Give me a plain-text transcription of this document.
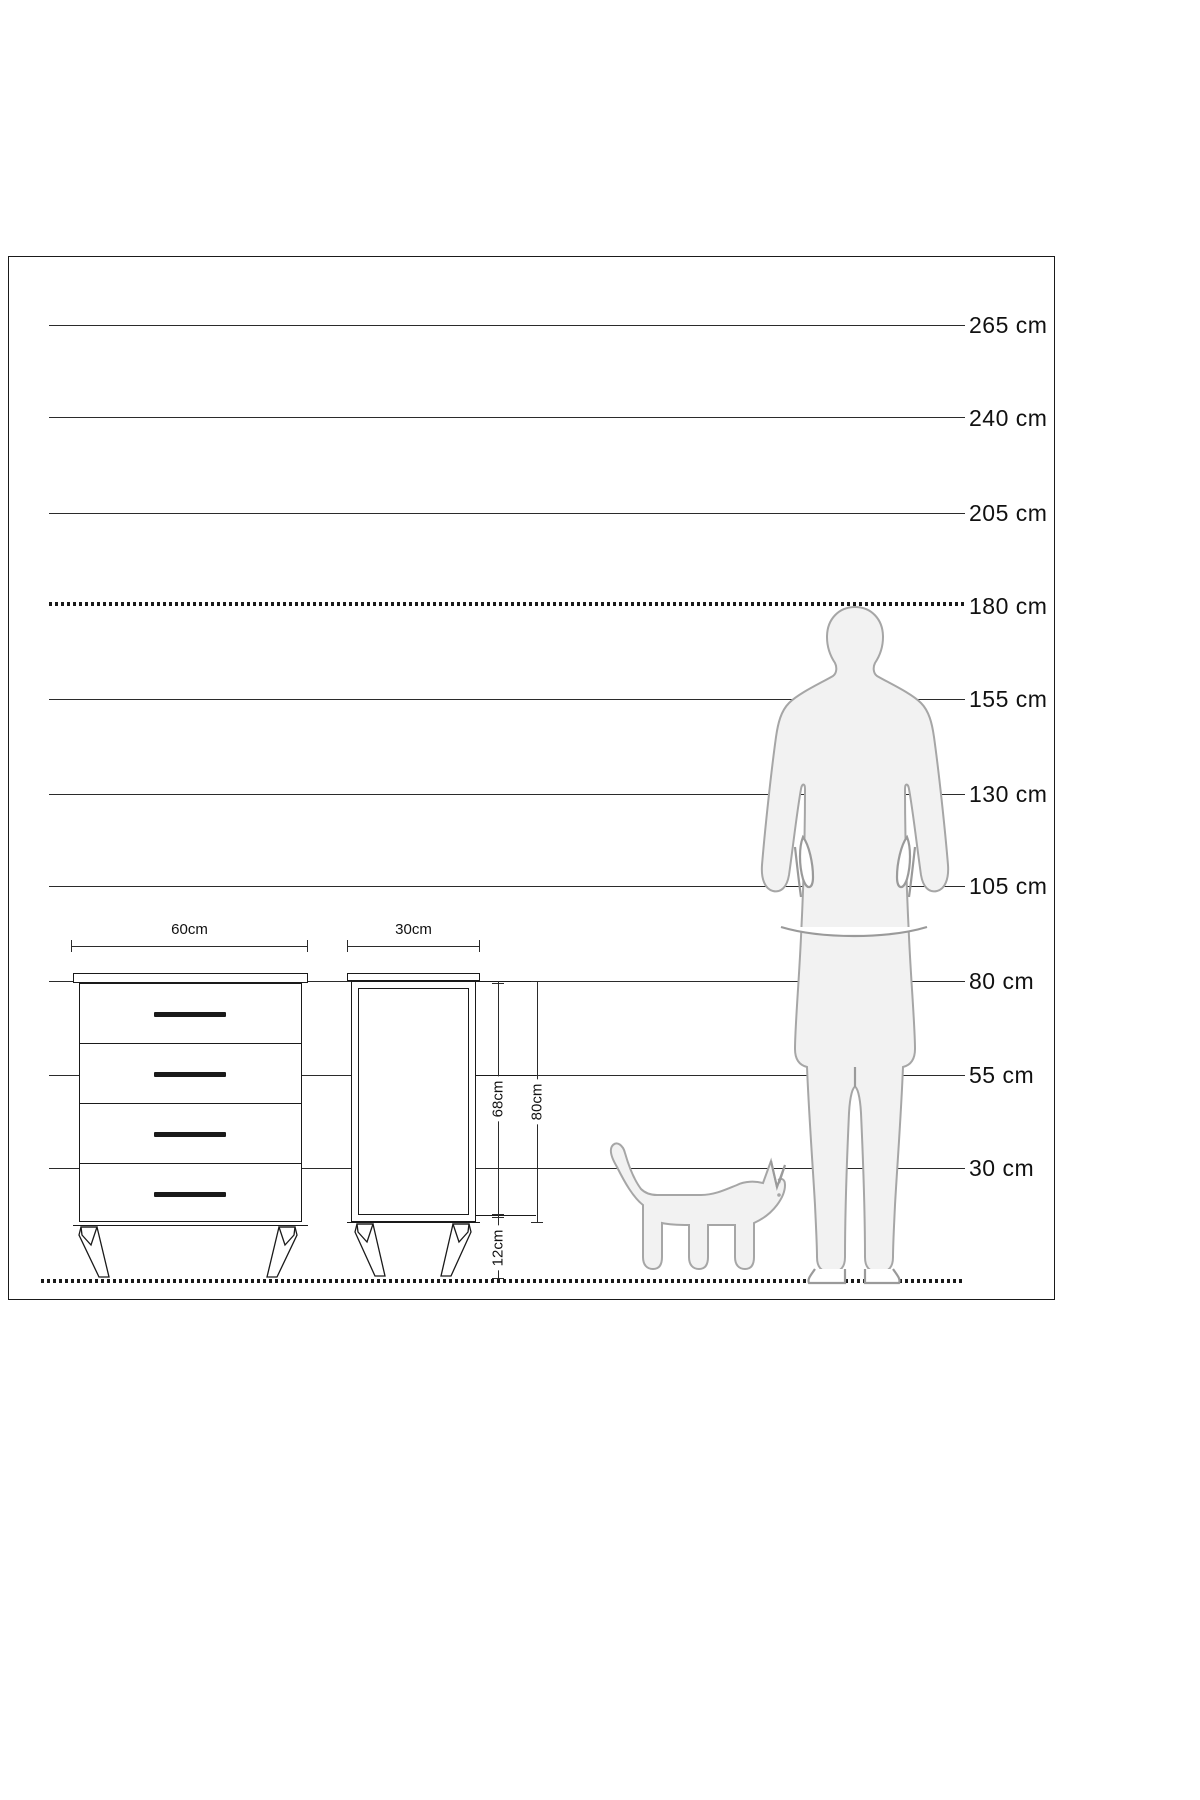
265 cm
240 cm
205 cm
180 cm
155 cm
130 cm
105 cm
80 cm
55 cm
30 cm
60cm	30cm
68cm 80cm
12cm
